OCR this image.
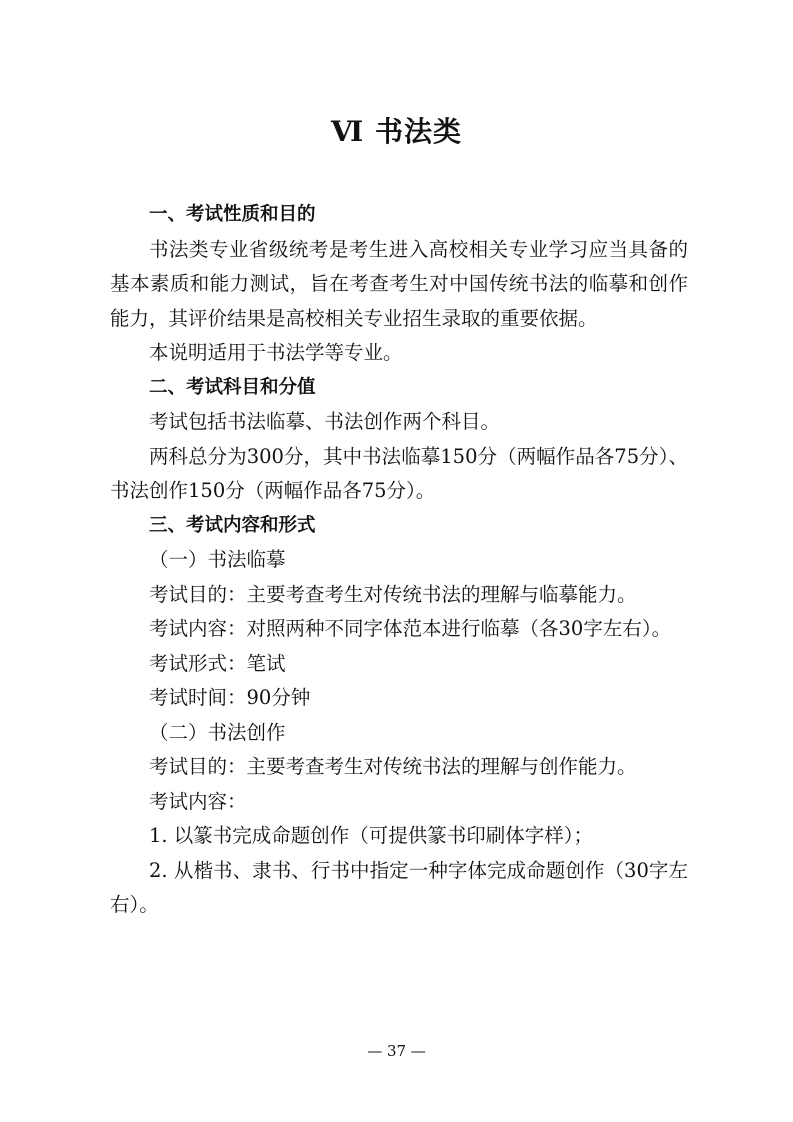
Ⅵ 书法类

一、考试性质和目的

书法类专业省级统考是考生进入高校相关专业学习应当具备的基本素质和能力测试，旨在考查考生对中国传统书法的临摹和创作能力，其评价结果是高校相关专业招生录取的重要依据。

本说明适用于书法学等专业。

二、考试科目和分值

考试包括书法临摹、书法创作两个科目。

两科总分为300分，其中书法临摹150分（两幅作品各75分）、书法创作150分（两幅作品各75分）。

三、考试内容和形式

（一）书法临摹

考试目的：主要考查考生对传统书法的理解与临摹能力。

考试内容：对照两种不同字体范本进行临摹（各30字左右）。

考试形式：笔试

考试时间：90分钟

（二）书法创作

考试目的：主要考查考生对传统书法的理解与创作能力。

考试内容：

1. 以篆书完成命题创作（可提供篆书印刷体字样）；

2. 从楷书、隶书、行书中指定一种字体完成命题创作（30字左右）。

— 37 —
